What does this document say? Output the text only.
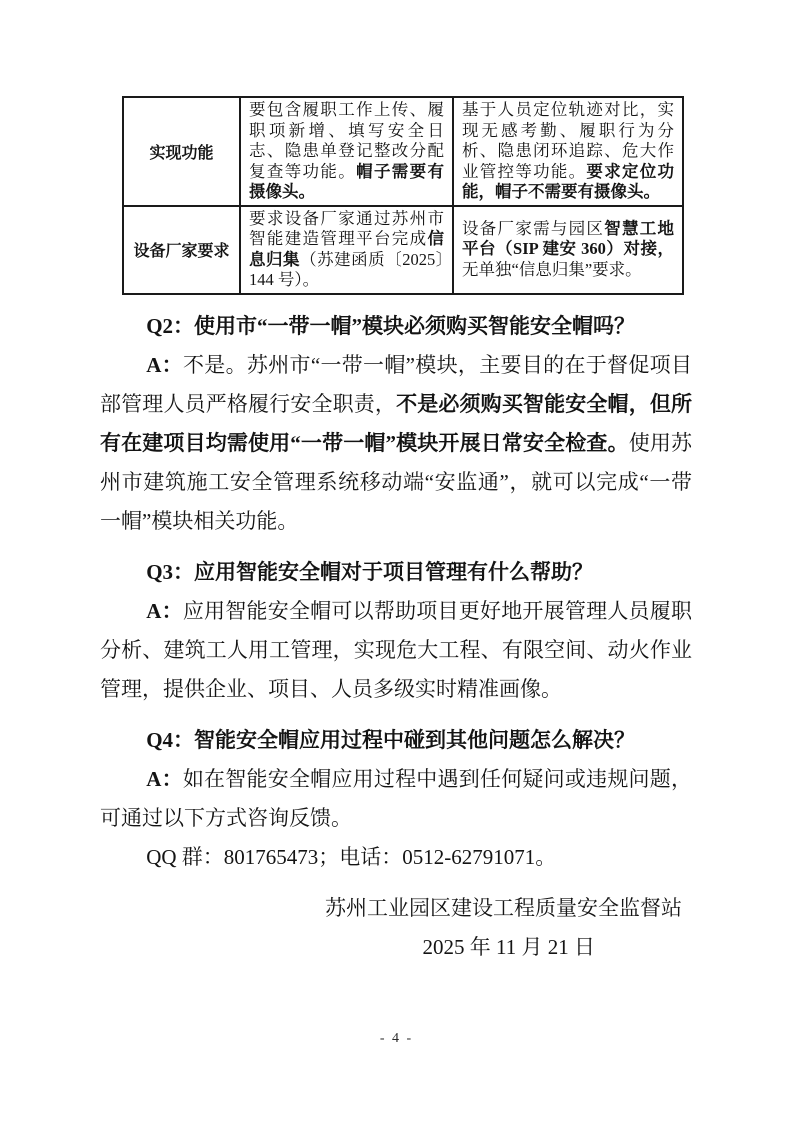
实现功能	要包含履职工作上传、履职项新增、填写安全日志、隐患单登记整改分配复查等功能。帽子需要有摄像头。	基于人员定位轨迹对比，实现无感考勤、履职行为分析、隐患闭环追踪、危大作业管控等功能。要求定位功能，帽子不需要有摄像头。
设备厂家要求	要求设备厂家通过苏州市智能建造管理平台完成信息归集（苏建函质〔2025〕144 号）。	设备厂家需与园区智慧工地平台（SIP 建安 360）对接，无单独“信息归集”要求。

Q2：使用市“一带一帽”模块必须购买智能安全帽吗？

A：不是。苏州市“一带一帽”模块，主要目的在于督促项目部管理人员严格履行安全职责，不是必须购买智能安全帽，但所有在建项目均需使用“一带一帽”模块开展日常安全检查。使用苏州市建筑施工安全管理系统移动端“安监通”，就可以完成“一带一帽”模块相关功能。

Q3：应用智能安全帽对于项目管理有什么帮助？

A：应用智能安全帽可以帮助项目更好地开展管理人员履职分析、建筑工人用工管理，实现危大工程、有限空间、动火作业管理，提供企业、项目、人员多级实时精准画像。

Q4：智能安全帽应用过程中碰到其他问题怎么解决？

A：如在智能安全帽应用过程中遇到任何疑问或违规问题，可通过以下方式咨询反馈。

QQ 群：801765473；电话：0512-62791071。

苏州工业园区建设工程质量安全监督站

2025 年 11 月 21 日

- 4 -
